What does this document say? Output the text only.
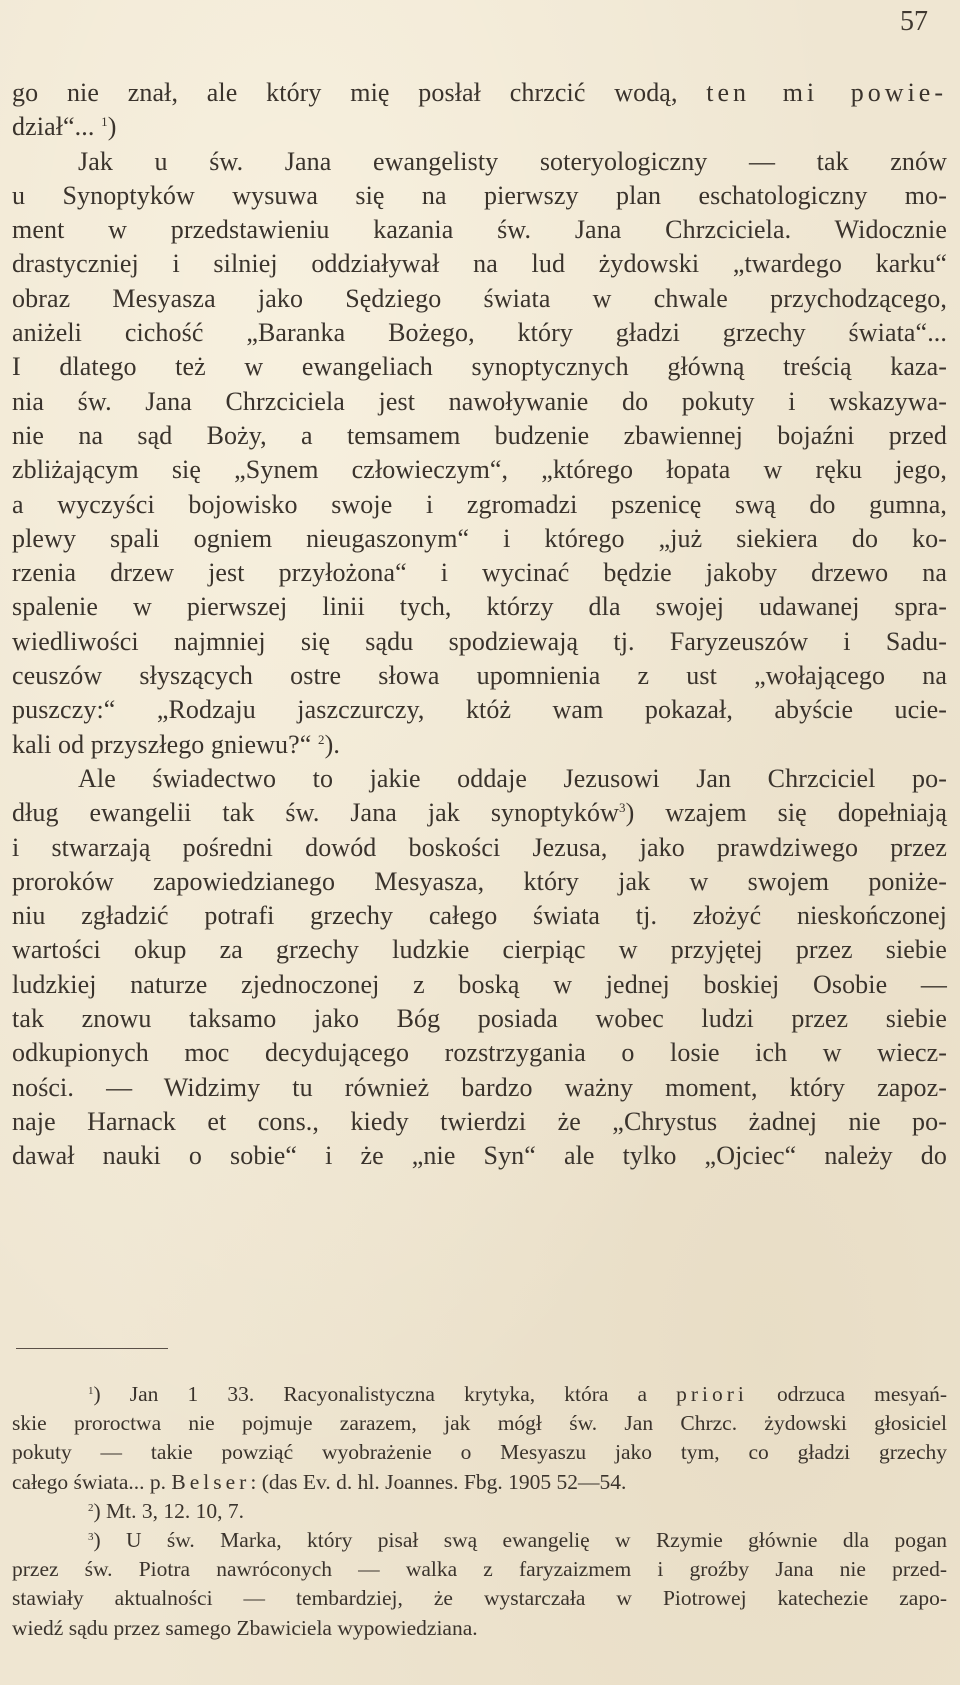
57
go nie znał, ale który mię posłał chrzcić wodą, ten mi powie-
dział“... $^1$)
Jak u św. Jana ewangelisty soteryologiczny — tak znów
u Synoptyków wysuwa się na pierwszy plan eschatologiczny mo-
ment w przedstawieniu kazania św. Jana Chrzciciela. Widocznie
drastyczniej i silniej oddziaływał na lud żydowski „twardego karku“
obraz Mesyasza jako Sędziego świata w chwale przychodzącego,
aniżeli cichość „Baranka Bożego, który gładzi grzechy świata“...
I dlatego też w ewangeliach synoptycznych główną treścią kaza-
nia św. Jana Chrzciciela jest nawoływanie do pokuty i wskazywa-
nie na sąd Boży, a temsamem budzenie zbawiennej bojaźni przed
zbliżającym się „Synem człowieczym“, „którego łopata w ręku jego,
a wyczyści bojowisko swoje i zgromadzi pszenicę swą do gumna,
plewy spali ogniem nieugaszonym“ i którego „już siekiera do ko-
rzenia drzew jest przyłożona“ i wycinać będzie jakoby drzewo na
spalenie w pierwszej linii tych, którzy dla swojej udawanej spra-
wiedliwości najmniej się sądu spodziewają tj. Faryzeuszów i Sadu-
ceuszów słyszących ostre słowa upomnienia z ust „wołającego na
puszczy:“ „Rodzaju jaszczurczy, któż wam pokazał, abyście ucie-
kali od przyszłego gniewu?“ $^2$).
Ale świadectwo to jakie oddaje Jezusowi Jan Chrzciciel po-
dług ewangelii tak św. Jana jak synoptyków$^3$) wzajem się dopełniają
i stwarzają pośredni dowód boskości Jezusa, jako prawdziwego przez
proroków zapowiedzianego Mesyasza, który jak w swojem poniże-
niu zgładzić potrafi grzechy całego świata tj. złożyć nieskończonej
wartości okup za grzechy ludzkie cierpiąc w przyjętej przez siebie
ludzkiej naturze zjednoczonej z boską w jednej boskiej Osobie —
tak znowu taksamo jako Bóg posiada wobec ludzi przez siebie
odkupionych moc decydującego rozstrzygania o losie ich w wiecz-
ności. — Widzimy tu również bardzo ważny moment, który zapoz-
naje Harnack et cons., kiedy twierdzi że „Chrystus żadnej nie po-
dawał nauki o sobie“ i że „nie Syn“ ale tylko „Ojciec“ należy do
$^1$) Jan 1 33. Racyonalistyczna krytyka, która a priori odrzuca mesyań-
skie proroctwa nie pojmuje zarazem, jak mógł św. Jan Chrzc. żydowski głosiciel
pokuty — takie powziąć wyobrażenie o Mesyaszu jako tym, co gładzi grzechy
całego świata... p. Belser: (das Ev. d. hl. Joannes. Fbg. 1905 52—54.
$^2$) Mt. 3, 12. 10, 7.
$^3$) U św. Marka, który pisał swą ewangelię w Rzymie głównie dla pogan
przez św. Piotra nawróconych — walka z faryzaizmem i groźby Jana nie przed-
stawiały aktualności — tembardziej, że wystarczała w Piotrowej katechezie zapo-
wiedź sądu przez samego Zbawiciela wypowiedziana.
